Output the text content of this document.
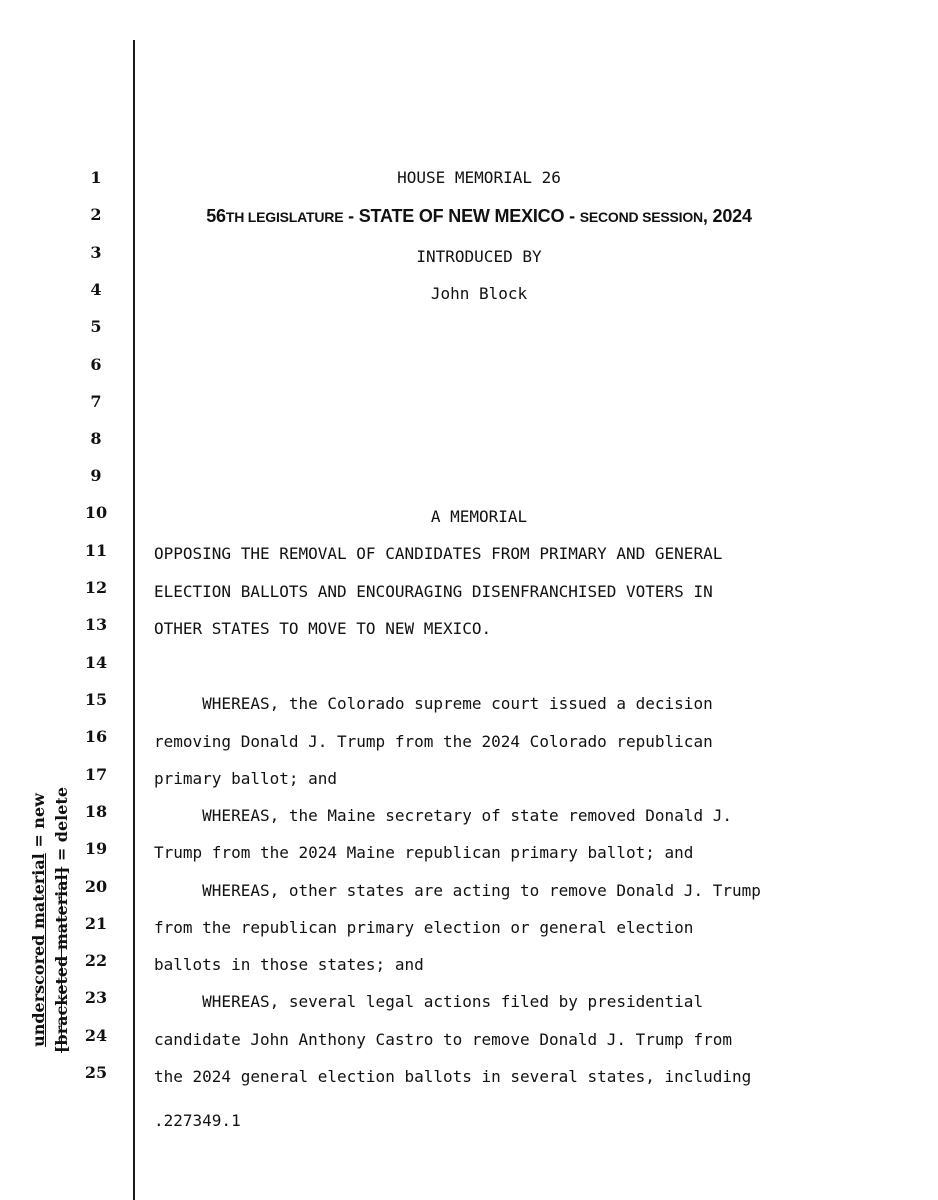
1
2
3
4
5
6
7
8
9
10
11
12
13
14
15
16
17
18
19
20
21
22
23
24
25
HOUSE MEMORIAL 26
56TH LEGISLATURE - STATE OF NEW MEXICO - SECOND SESSION, 2024
INTRODUCED BY
John Block
A MEMORIAL
OPPOSING THE REMOVAL OF CANDIDATES FROM PRIMARY AND GENERAL
ELECTION BALLOTS AND ENCOURAGING DISENFRANCHISED VOTERS IN
OTHER STATES TO MOVE TO NEW MEXICO.
WHEREAS, the Colorado supreme court issued a decision
removing Donald J. Trump from the 2024 Colorado republican
primary ballot; and
WHEREAS, the Maine secretary of state removed Donald J.
Trump from the 2024 Maine republican primary ballot; and
WHEREAS, other states are acting to remove Donald J. Trump
from the republican primary election or general election
ballots in those states; and
WHEREAS, several legal actions filed by presidential
candidate John Anthony Castro to remove Donald J. Trump from
the 2024 general election ballots in several states, including
.227349.1
underscored material = new
[bracketed material] = delete
